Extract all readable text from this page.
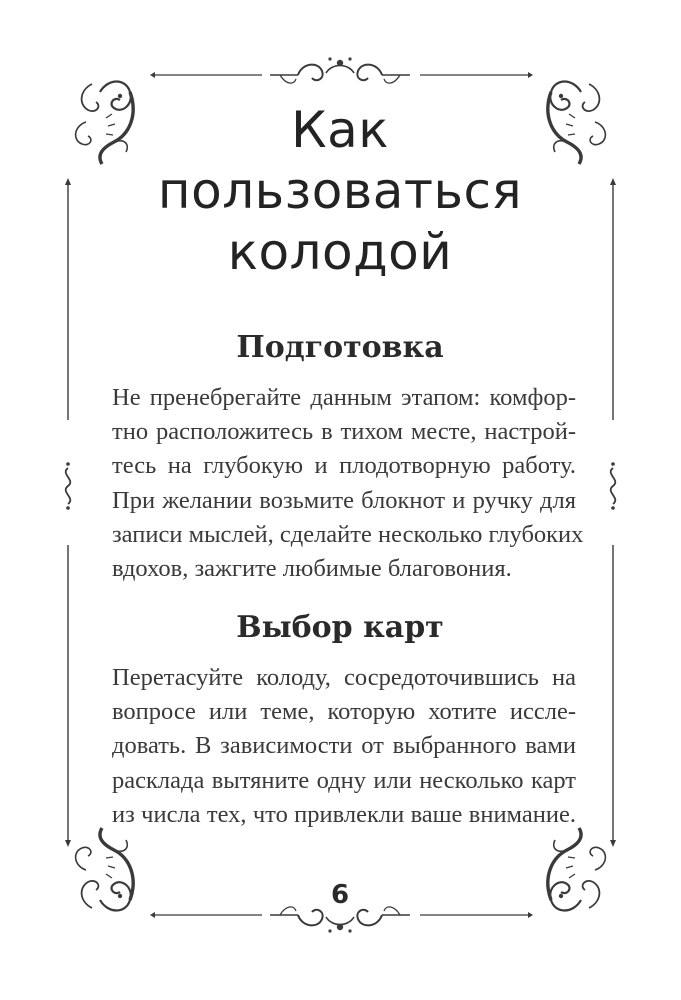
Как
пользоваться
колодой
Подготовка
Не пренебрегайте данным этапом: комфор-
тно расположитесь в тихом месте, настрой-
тесь на глубокую и плодотворную работу.
При желании возьмите блокнот и ручку для
записи мыслей, сделайте несколько глубоких
вдохов, зажгите любимые благовония.
Выбор карт
Перетасуйте колоду, сосредоточившись на
вопросе или теме, которую хотите иссле-
довать. В зависимости от выбранного вами
расклада вытяните одну или несколько карт
из числа тех, что привлекли ваше внимание.
6
